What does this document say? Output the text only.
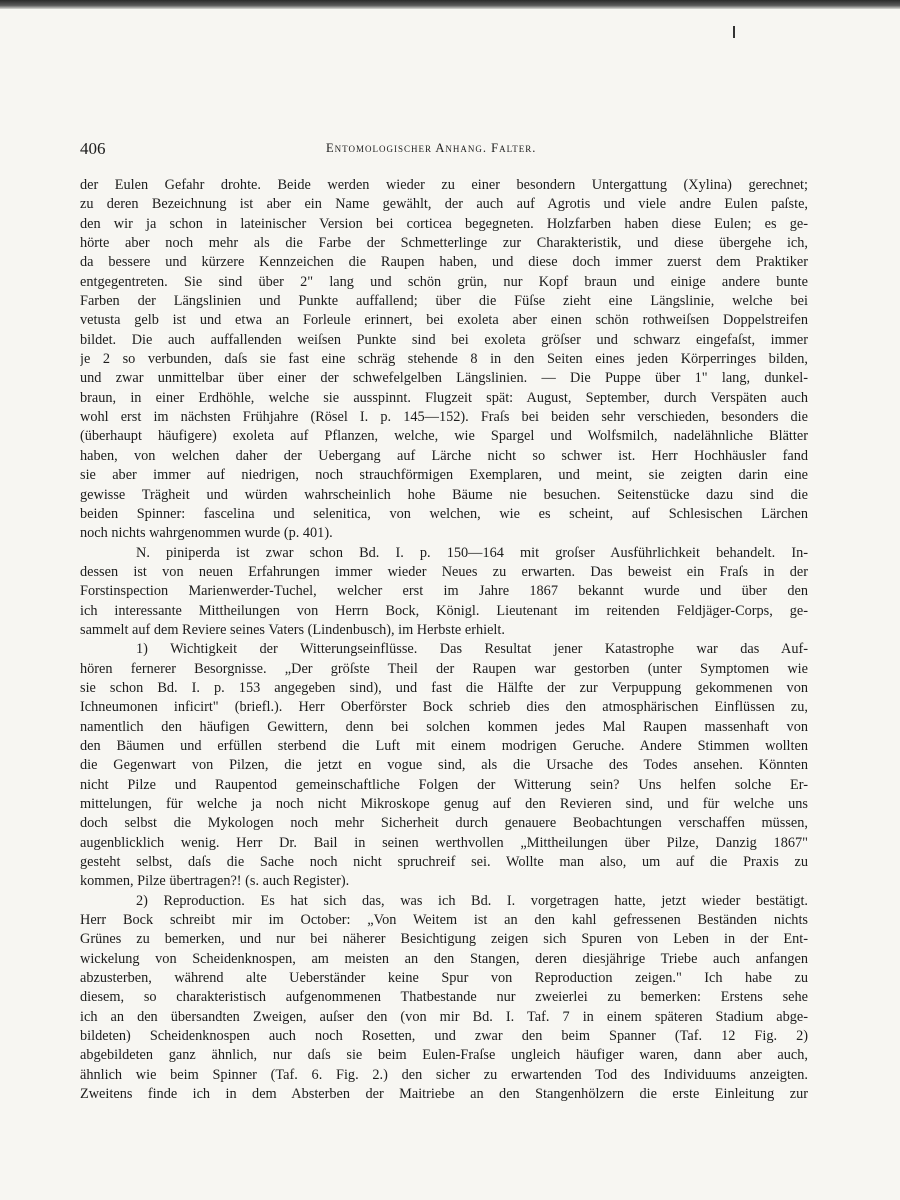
406	Entomologischer Anhang. Falter.
der Eulen Gefahr drohte. Beide werden wieder zu einer besondern Untergattung (Xylina) gerechnet;
zu deren Bezeichnung ist aber ein Name gewählt, der auch auf Agrotis und viele andre Eulen paſste,
den wir ja schon in lateinischer Version bei corticea begegneten. Holzfarben haben diese Eulen; es ge-
hörte aber noch mehr als die Farbe der Schmetterlinge zur Charakteristik, und diese übergehe ich,
da bessere und kürzere Kennzeichen die Raupen haben, und diese doch immer zuerst dem Praktiker
entgegentreten. Sie sind über 2" lang und schön grün, nur Kopf braun und einige andere bunte
Farben der Längslinien und Punkte auffallend; über die Füſse zieht eine Längslinie, welche bei
vetusta gelb ist und etwa an Forleule erinnert, bei exoleta aber einen schön rothweiſsen Doppelstreifen
bildet. Die auch auffallenden weiſsen Punkte sind bei exoleta gröſser und schwarz eingefaſst, immer
je 2 so verbunden, daſs sie fast eine schräg stehende 8 in den Seiten eines jeden Körperringes bilden,
und zwar unmittelbar über einer der schwefelgelben Längslinien. — Die Puppe über 1" lang, dunkel-
braun, in einer Erdhöhle, welche sie ausspinnt. Flugzeit spät: August, September, durch Verspäten auch
wohl erst im nächsten Frühjahre (Rösel I. p. 145—152). Fraſs bei beiden sehr verschieden, besonders die
(überhaupt häufigere) exoleta auf Pflanzen, welche, wie Spargel und Wolfsmilch, nadelähnliche Blätter
haben, von welchen daher der Uebergang auf Lärche nicht so schwer ist. Herr Hochhäusler fand
sie aber immer auf niedrigen, noch strauchförmigen Exemplaren, und meint, sie zeigten darin eine
gewisse Trägheit und würden wahrscheinlich hohe Bäume nie besuchen. Seitenstücke dazu sind die
beiden Spinner: fascelina und selenitica, von welchen, wie es scheint, auf Schlesischen Lärchen
noch nichts wahrgenommen wurde (p. 401).
N. piniperda ist zwar schon Bd. I. p. 150—164 mit groſser Ausführlichkeit behandelt. In-
dessen ist von neuen Erfahrungen immer wieder Neues zu erwarten. Das beweist ein Fraſs in der
Forstinspection Marienwerder-Tuchel, welcher erst im Jahre 1867 bekannt wurde und über den
ich interessante Mittheilungen von Herrn Bock, Königl. Lieutenant im reitenden Feldjäger-Corps, ge-
sammelt auf dem Reviere seines Vaters (Lindenbusch), im Herbste erhielt.
1) Wichtigkeit der Witterungseinflüsse. Das Resultat jener Katastrophe war das Auf-
hören fernerer Besorgnisse. „Der gröſste Theil der Raupen war gestorben (unter Symptomen wie
sie schon Bd. I. p. 153 angegeben sind), und fast die Hälfte der zur Verpuppung gekommenen von
Ichneumonen inficirt" (briefl.). Herr Oberförster Bock schrieb dies den atmosphärischen Einflüssen zu,
namentlich den häufigen Gewittern, denn bei solchen kommen jedes Mal Raupen massenhaft von
den Bäumen und erfüllen sterbend die Luft mit einem modrigen Geruche. Andere Stimmen wollten
die Gegenwart von Pilzen, die jetzt en vogue sind, als die Ursache des Todes ansehen. Könnten
nicht Pilze und Raupentod gemeinschaftliche Folgen der Witterung sein? Uns helfen solche Er-
mittelungen, für welche ja noch nicht Mikroskope genug auf den Revieren sind, und für welche uns
doch selbst die Mykologen noch mehr Sicherheit durch genauere Beobachtungen verschaffen müssen,
augenblicklich wenig. Herr Dr. Bail in seinen werthvollen „Mittheilungen über Pilze, Danzig 1867"
gesteht selbst, daſs die Sache noch nicht spruchreif sei. Wollte man also, um auf die Praxis zu
kommen, Pilze übertragen?! (s. auch Register).
2) Reproduction. Es hat sich das, was ich Bd. I. vorgetragen hatte, jetzt wieder bestätigt.
Herr Bock schreibt mir im October: „Von Weitem ist an den kahl gefressenen Beständen nichts
Grünes zu bemerken, und nur bei näherer Besichtigung zeigen sich Spuren von Leben in der Ent-
wickelung von Scheidenknospen, am meisten an den Stangen, deren diesjährige Triebe auch anfangen
abzusterben, während alte Ueberständer keine Spur von Reproduction zeigen." Ich habe zu
diesem, so charakteristisch aufgenommenen Thatbestande nur zweierlei zu bemerken: Erstens sehe
ich an den übersandten Zweigen, auſser den (von mir Bd. I. Taf. 7 in einem späteren Stadium abge-
bildeten) Scheidenknospen auch noch Rosetten, und zwar den beim Spanner (Taf. 12 Fig. 2)
abgebildeten ganz ähnlich, nur daſs sie beim Eulen-Fraſse ungleich häufiger waren, dann aber auch,
ähnlich wie beim Spinner (Taf. 6. Fig. 2.) den sicher zu erwartenden Tod des Individuums anzeigten.
Zweitens finde ich in dem Absterben der Maitriebe an den Stangenhölzern die erste Einleitung zur
